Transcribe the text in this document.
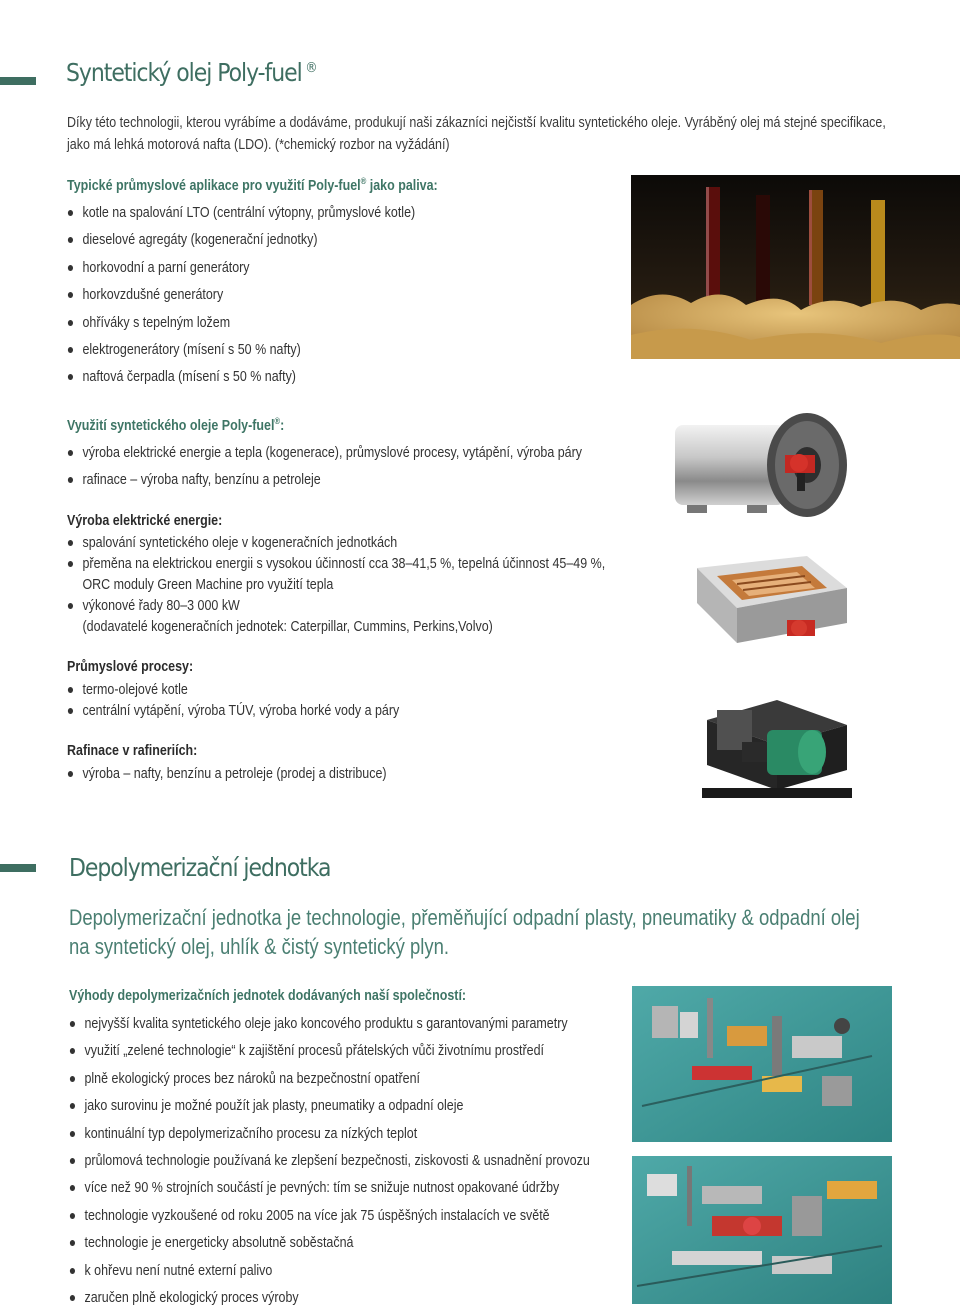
Syntetický olej Poly-fuel ®
Díky této technologii, kterou vyrábíme a dodáváme, produkují naši zákazníci nejčistší kvalitu syntetického oleje. Vyráběný olej má stejné specifikace,
jako má lehká motorová nafta (LDO). (*chemický rozbor na vyžádání)
Typické průmyslové aplikace pro využití Poly-fuel® jako paliva:
kotle na spalování LTO (centrální výtopny, průmyslové kotle)
dieselové agregáty (kogenerační jednotky)
horkovodní a parní generátory
horkovzdušné generátory
ohříváky s tepelným ložem
elektrogenerátory (mísení s 50 % nafty)
naftová čerpadla (mísení s 50 % nafty)
Využití syntetického oleje Poly-fuel®:
výroba elektrické energie a tepla (kogenerace), průmyslové procesy, vytápění, výroba páry
rafinace – výroba nafty, benzínu a petroleje
Výroba elektrické energie:
spalování syntetického oleje v kogeneračních jednotkách
přeměna na elektrickou energii s vysokou účinností cca 38–41,5 %, tepelná účinnost 45–49 %,
ORC moduly Green Machine pro využití tepla
výkonové řady 80–3 000 kW
(dodavatelé kogeneračních jednotek: Caterpillar, Cummins, Perkins,Volvo)
Průmyslové procesy:
termo-olejové kotle
centrální vytápění, výroba TÚV, výroba horké vody a páry
Rafinace v rafineriích:
výroba – nafty, benzínu a petroleje (prodej a distribuce)
Depolymerizační jednotka
Depolymerizační jednotka je technologie, přeměňující odpadní plasty, pneumatiky & odpadní olej
na syntetický olej, uhlík & čistý syntetický plyn.
Výhody depolymerizačních jednotek dodávaných naší společností:
nejvyšší kvalita syntetického oleje jako koncového produktu s garantovanými parametry
využití „zelené technologie“ k zajištění procesů přátelských vůči životnímu prostředí
plně ekologický proces bez nároků na bezpečnostní opatření
jako surovinu je možné použít jak plasty, pneumatiky a odpadní oleje
kontinuální typ depolymerizačního procesu za nízkých teplot
průlomová technologie používaná ke zlepšení bezpečnosti, ziskovosti & usnadnění provozu
více než 90 % strojních součástí je pevných: tím se snižuje nutnost opakované údržby
technologie vyzkoušené od roku 2005 na více jak 75 úspěšných instalacích ve světě
technologie je energeticky absolutně soběstačná
k ohřevu není nutné externí palivo
zaručen plně ekologický proces výroby
